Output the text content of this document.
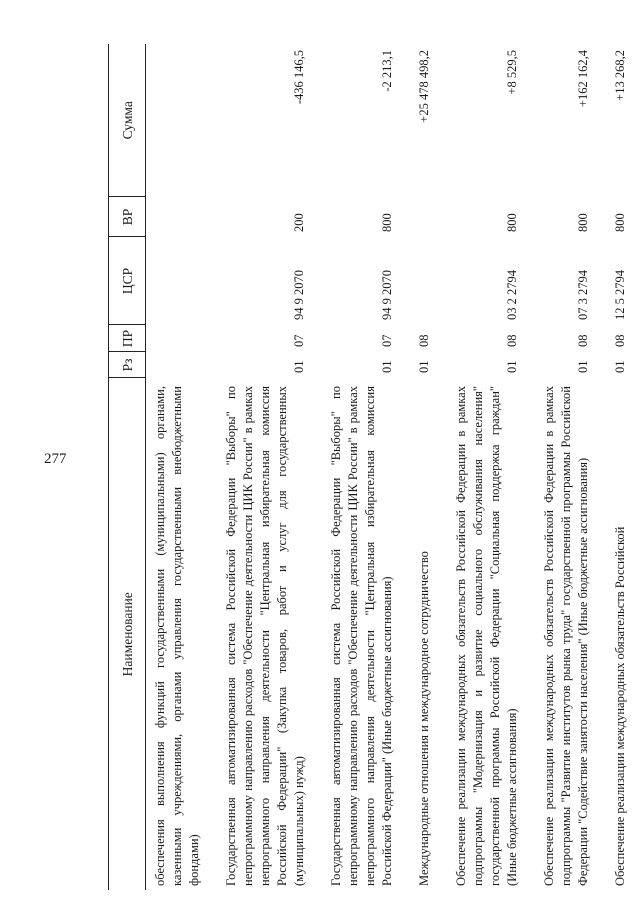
277
Наименование	Рз	ПР	ЦСР	ВР	Сумма
обеспечения выполнения функций государственными (муниципальными) органами, казенными учреждениями, органами управления государственными внебюджетными фондами)					
Государственная автоматизированная система Российской Федерации "Выборы" по непрограммному направлению расходов "Обеспечение деятельности ЦИК России" в рамках непрограммного направления деятельности "Центральная избирательная комиссия Российской Федерации" (Закупка товаров, работ и услуг для государственных (муниципальных) нужд)	01	07	94 9 2070	200	-436 146,5
Государственная автоматизированная система Российской Федерации "Выборы" по непрограммному направлению расходов "Обеспечение деятельности ЦИК России" в рамках непрограммного направления деятельности "Центральная избирательная комиссия Российской Федерации" (Иные бюджетные ассигнования)	01	07	94 9 2070	800	-2 213,1
Международные отношения и международное сотрудничество	01	08			+25 478 498,2
Обеспечение реализации международных обязательств Российской Федерации в рамках подпрограммы "Модернизация и развитие социального обслуживания населения" государственной программы Российской Федерации "Социальная поддержка граждан" (Иные бюджетные ассигнования)	01	08	03 2 2794	800	+8 529,5
Обеспечение реализации международных обязательств Российской Федерации в рамках подпрограммы "Развитие институтов рынка труда" государственной программы Российской Федерации "Содействие занятости населения" (Иные бюджетные ассигнования)	01	08	07 3 2794	800	+162 162,4
Обеспечение реализации международных обязательств Российской	01	08	12 5 2794	800	+13 268,2
